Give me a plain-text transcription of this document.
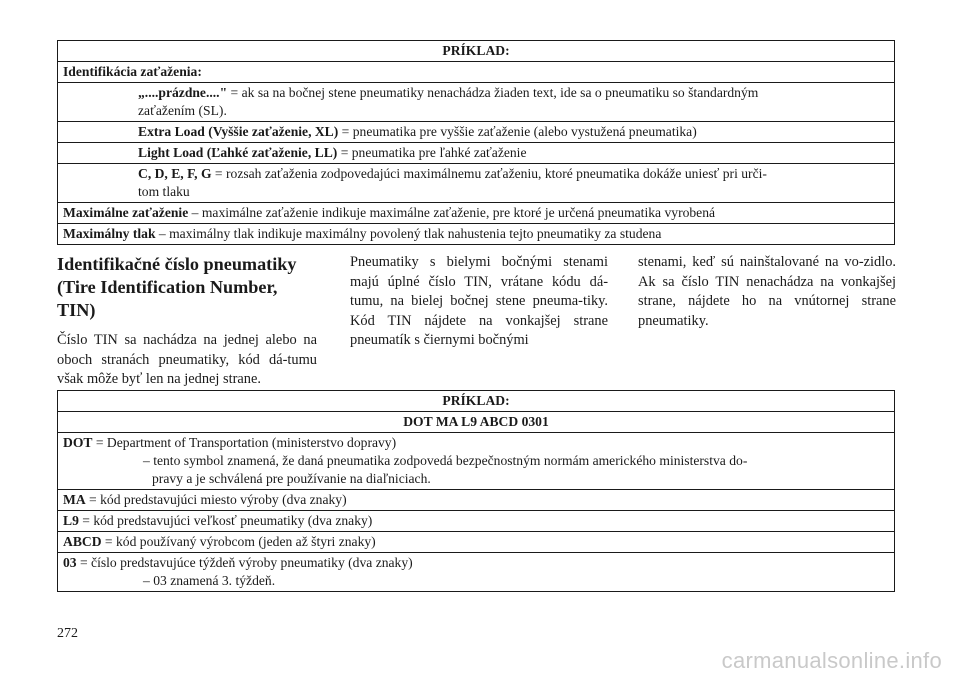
PRÍKLAD:
Identifikácia zaťaženia:
„....prázdne...." = ak sa na bočnej stene pneumatiky nenachádza žiaden text, ide sa o pneumatiku so štandardným
zaťažením (SL).
Extra Load (Vyššie zaťaženie, XL) = pneumatika pre vyššie zaťaženie (alebo vystužená pneumatika)
Light Load (Ľahké zaťaženie, LL) = pneumatika pre ľahké zaťaženie
C, D, E, F, G = rozsah zaťaženia zodpovedajúci maximálnemu zaťaženiu, ktoré pneumatika dokáže uniesť pri urči-
tom tlaku
Maximálne zaťaženie – maximálne zaťaženie indikuje maximálne zaťaženie, pre ktoré je určená pneumatika vyrobená
Maximálny tlak – maximálny tlak indikuje maximálny povolený tlak nahustenia tejto pneumatiky za studena
Identifikačné číslo pneumatiky
(Tire Identification Number,
TIN)

Číslo TIN sa nachádza na jednej alebo na oboch stranách pneumatiky, kód dá-tumu však môže byť len na jednej strane.

Pneumatiky s bielymi bočnými stenami majú úplné číslo TIN, vrátane kódu dá-tumu, na bielej bočnej stene pneuma-tiky. Kód TIN nájdete na vonkajšej strane pneumatík s čiernymi bočnými

stenami, keď sú nainštalované na vo-zidlo. Ak sa číslo TIN nenachádza na vonkajšej strane, nájdete ho na vnútornej strane pneumatiky.

PRÍKLAD:
DOT MA L9 ABCD 0301
DOT = Department of Transportation (ministerstvo dopravy)
– tento symbol znamená, že daná pneumatika zodpovedá bezpečnostným normám amerického ministerstva do-
pravy a je schválená pre používanie na diaľniciach.
MA = kód predstavujúci miesto výroby (dva znaky)
L9 = kód predstavujúci veľkosť pneumatiky (dva znaky)
ABCD = kód používaný výrobcom (jeden až štyri znaky)
03 = číslo predstavujúce týždeň výroby pneumatiky (dva znaky)
– 03 znamená 3. týždeň.
272
carmanualsonline.info
